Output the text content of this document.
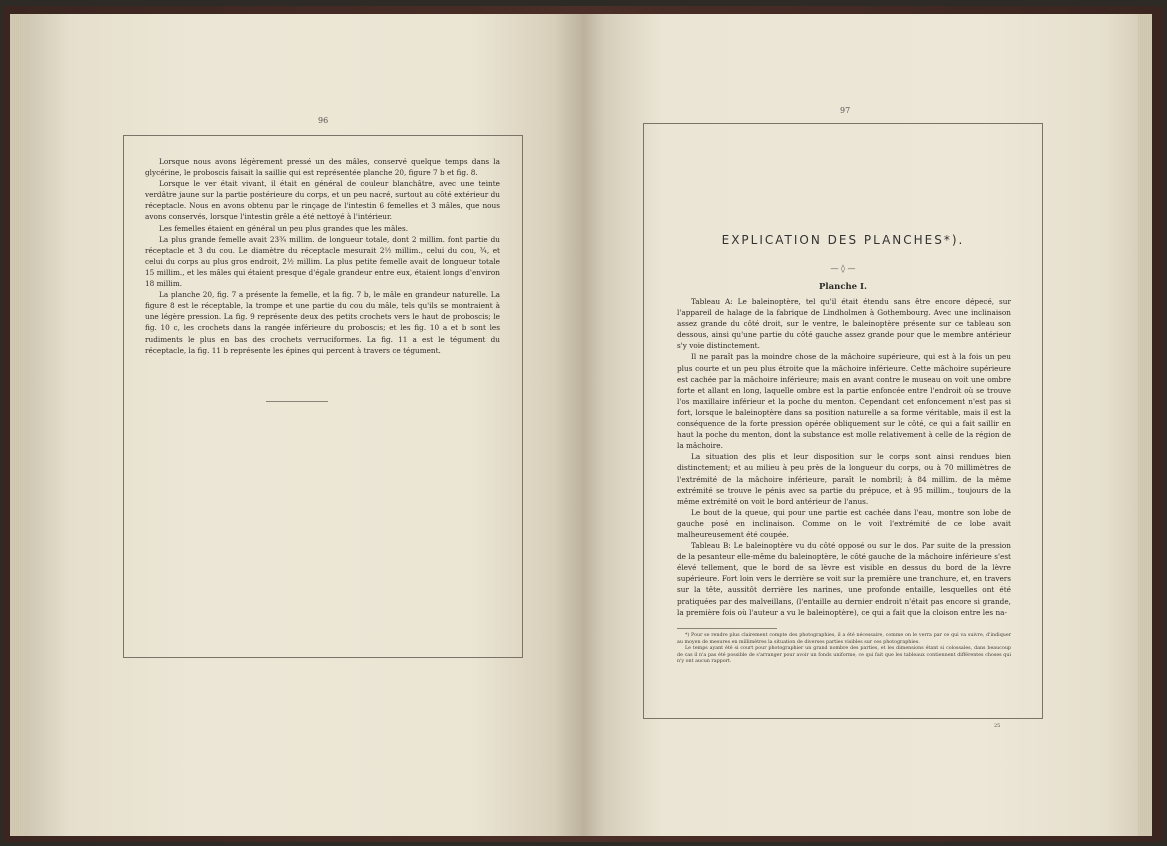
96

Lorsque nous avons légèrement pressé un des mâles, conservé quelque temps dans la glycérine, le proboscis faisait la saillie qui est représentée planche 20, figure 7 b et fig. 8.

Lorsque le ver était vivant, il était en général de couleur blanchâtre, avec une teinte verdâtre jaune sur la partie postérieure du corps, et un peu nacré, surtout au côté extérieur du réceptacle. Nous en avons obtenu par le rinçage de l'intestin 6 femelles et 3 mâles, que nous avons conservés, lorsque l'intestin grêle a été nettoyé à l'intérieur.

Les femelles étaient en général un peu plus grandes que les mâles.

La plus grande femelle avait 23¾ millim. de longueur totale, dont 2 millim. font partie du réceptacle et 3 du cou. Le diamètre du réceptacle mesurait 2½ millim., celui du cou, ¾, et celui du corps au plus gros endroit, 2½ millim. La plus petite femelle avait de longueur totale 15 millim., et les mâles qui étaient presque d'égale grandeur entre eux, étaient longs d'environ 18 millim.

La planche 20, fig. 7 a présente la femelle, et la fig. 7 b, le mâle en grandeur naturelle. La figure 8 est le réceptable, la trompe et une partie du cou du mâle, tels qu'ils se montraient à une légère pression. La fig. 9 représente deux des petits crochets vers le haut de proboscis; le fig. 10 c, les crochets dans la rangée inférieure du proboscis; et les fig. 10 a et b sont les rudiments le plus en bas des crochets verruciformes. La fig. 11 a est le tégument du réceptacle, la fig. 11 b représente les épines qui percent à travers ce tégument.

97
EXPLICATION DES PLANCHES*).
— ◊ —
Planche I.

Tableau A: Le baleinoptère, tel qu'il était étendu sans être encore dépecé, sur l'appareil de halage de la fabrique de Lindholmen à Gothembourg. Avec une inclinaison assez grande du côté droit, sur le ventre, le baleinoptère présente sur ce tableau son dessous, ainsi qu'une partie du côté gauche assez grande pour que le membre antérieur s'y voie distinctement.

Il ne paraît pas la moindre chose de la mâchoire supérieure, qui est à la fois un peu plus courte et un peu plus étroite que la mâchoire inférieure. Cette mâchoire supérieure est cachée par la mâchoire inférieure; mais en avant contre le museau on voit une ombre forte et allant en long, laquelle ombre est la partie enfoncée entre l'endroit où se trouve l'os maxillaire inférieur et la poche du menton. Cependant cet enfoncement n'est pas si fort, lorsque le baleinoptère dans sa position naturelle a sa forme véritable, mais il est la conséquence de la forte pression opérée obliquement sur le côté, ce qui a fait saillir en haut la poche du menton, dont la substance est molle relativement à celle de la région de la mâchoire.

La situation des plis et leur disposition sur le corps sont ainsi rendues bien distinctement; et au milieu à peu près de la longueur du corps, ou à 70 millimètres de l'extrémité de la mâchoire inférieure, paraît le nombril; à 84 millim. de la même extrémité se trouve le pénis avec sa partie du prépuce, et à 95 millim., toujours de la même extrémité on voit le bord antérieur de l'anus.

Le bout de la queue, qui pour une partie est cachée dans l'eau, montre son lobe de gauche posé en inclinaison. Comme on le voit l'extrémité de ce lobe avait malheureusement été coupée.

Tableau B: Le baleinoptère vu du côté opposé ou sur le dos. Par suite de la pression de la pesanteur elle-même du baleinoptère, le côté gauche de la mâchoire inférieure s'est élevé tellement, que le bord de sa lèvre est visible en dessus du bord de la lèvre supérieure. Fort loin vers le derrière se voit sur la première une tranchure, et, en travers sur la tête, aussitôt derrière les narines, une profonde entaille, lesquelles ont été pratiquées par des malveillans, (l'entaille au dernier endroit n'était pas encore si grande, la première fois où l'auteur a vu le baleinoptère), ce qui a fait que la cloison entre les na-

*) Pour se rendre plus clairement compte des photographies, il a été nécessaire, comme on le verra par ce qui va suivre, d'indiquer au moyen de mesures en millimètres la situation de diverses parties visibles sur ces photographies.

Le temps ayant été si court pour photographier un grand nombre des parties, et les dimensions étant si colossales, dans beaucoup de cas il n'a pas été possible de s'arranger pour avoir un fonds uniforme, ce qui fait que les tableaux contiennent différentes choses qui n'y ont aucun rapport.

25
